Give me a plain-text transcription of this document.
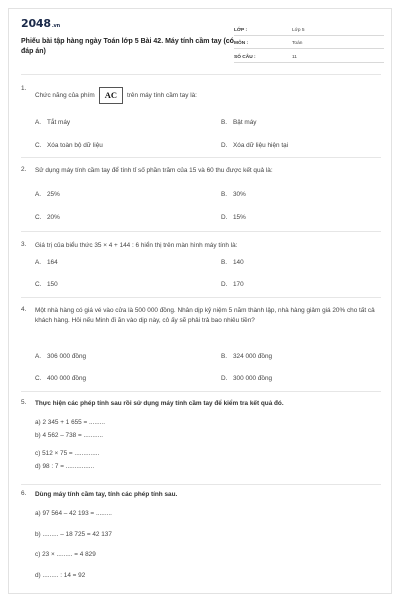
2048.vn
Phiếu bài tập hàng ngày Toán lớp 5 Bài 42. Máy tính cầm tay (có đáp án)
LỚP :	Lớp 5
MÔN :	Toán
SỐ CÂU :	11
1.
Chức năng của phím AC trên máy tính cầm tay là:
A. Tắt máy	B. Bật máy
C. Xóa toàn bộ dữ liệu	D. Xóa dữ liệu hiện tại
2. Sử dụng máy tính cầm tay để tính tỉ số phần trăm của 15 và 60 thu được kết quả là:
A. 25%	B. 30%
C. 20%	D. 15%
3. Giá trị của biểu thức 35 × 4 + 144 : 6 hiển thị trên màn hình máy tính là:
A. 164	B. 140
C. 150	D. 170
4. Một nhà hàng có giá vé vào cửa là 500 000 đồng. Nhân dịp kỷ niệm 5 năm thành lập, nhà hàng giảm giá 20% cho tất cả khách hàng. Hỏi nếu Minh đi ăn vào dịp này, cô ấy sẽ phải trả bao nhiêu tiền?
A. 306 000 đồng	B. 324 000 đồng
C. 400 000 đồng	D. 300 000 đồng
5. Thực hiện các phép tính sau rồi sử dụng máy tính cầm tay để kiểm tra kết quả đó.
a) 2 345 + 1 655 = .........
b) 4 562 – 738 = ...........
c) 512 × 75 = ..............
d) 98 : 7 = ................
6. Dùng máy tính cầm tay, tính các phép tính sau.
a) 97 564 – 42 193 = .........
b) ......... – 18 725 = 42 137
c) 23 × ......... = 4 829
d) ......... : 14 = 92
